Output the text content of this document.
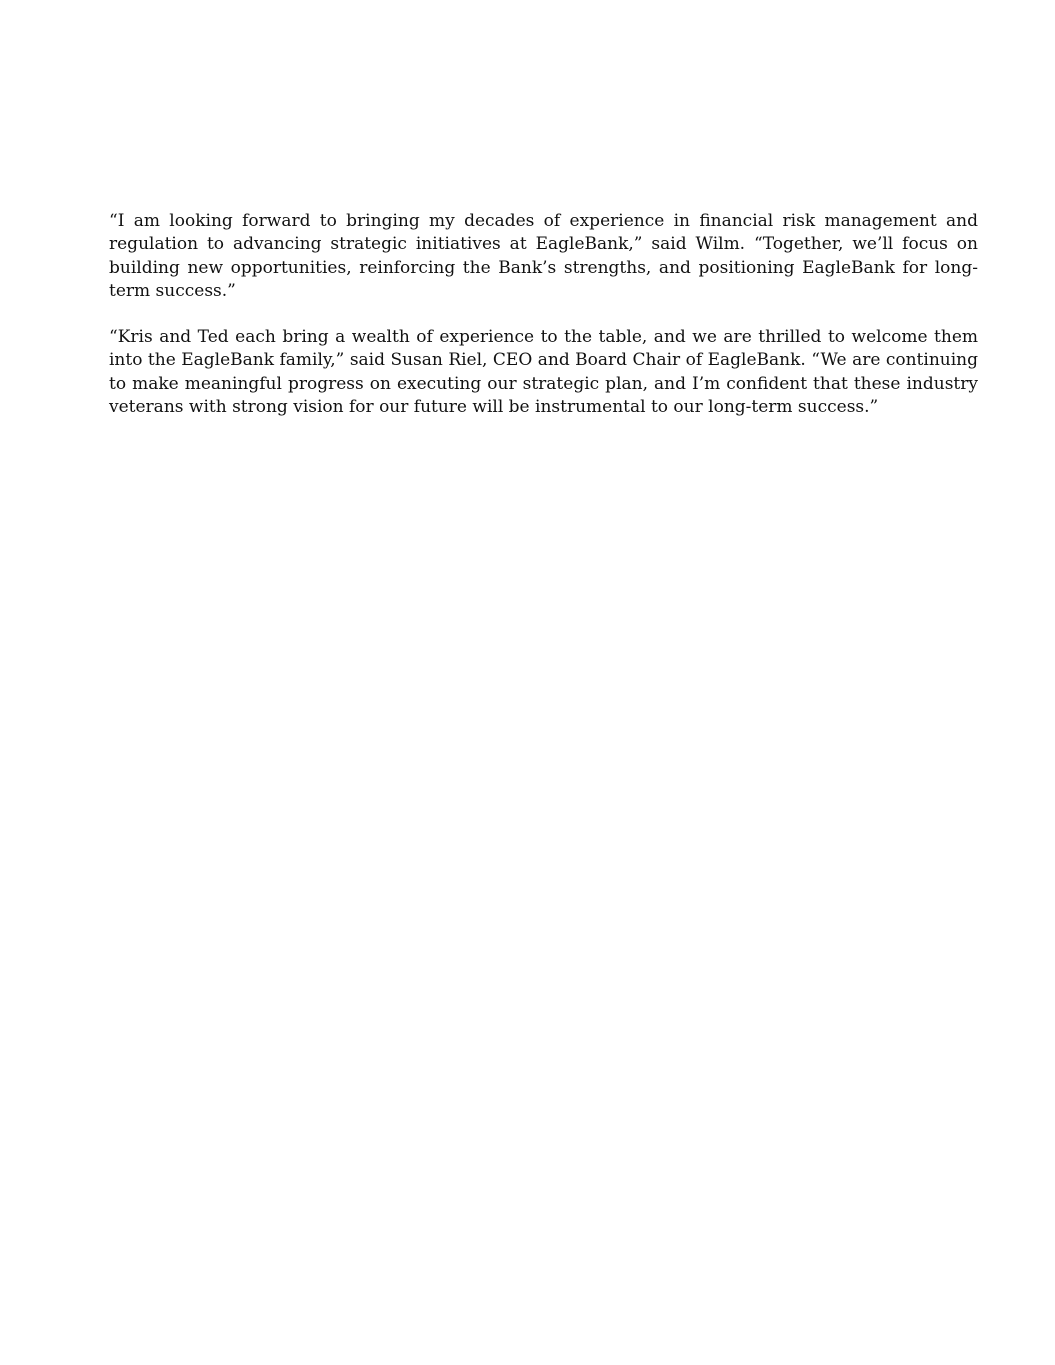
“I am looking forward to bringing my decades of experience in financial risk management and regulation to advancing strategic initiatives at EagleBank,” said Wilm. “Together, we’ll focus on building new opportunities, reinforcing the Bank’s strengths, and positioning EagleBank for long-term success.”

“Kris and Ted each bring a wealth of experience to the table, and we are thrilled to welcome them into the EagleBank family,” said Susan Riel, CEO and Board Chair of EagleBank. “We are continuing to make meaningful progress on executing our strategic plan, and I’m confident that these industry veterans with strong vision for our future will be instrumental to our long-term success.”
